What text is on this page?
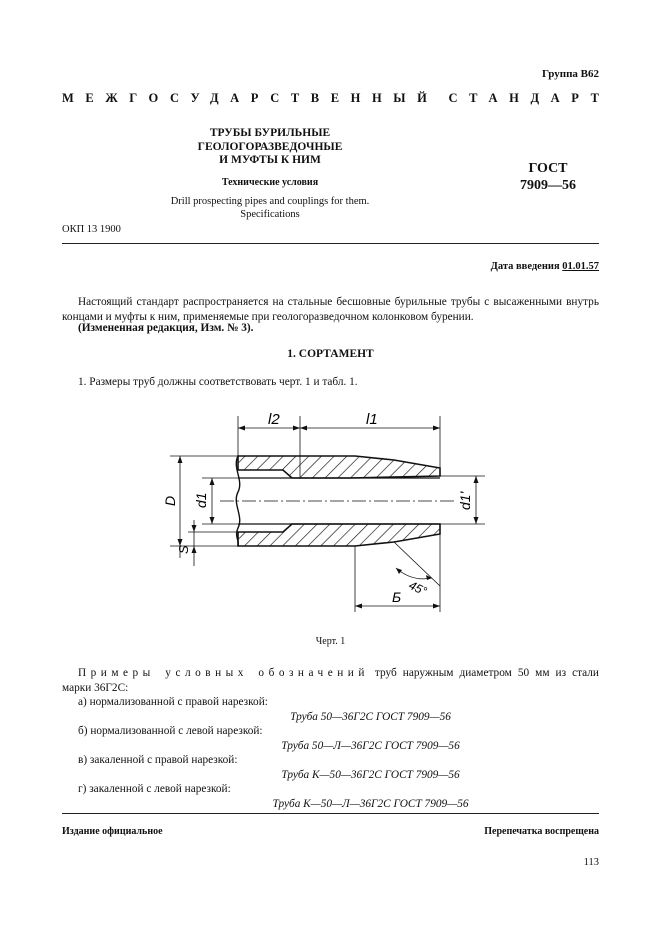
Группа В62
МЕЖГОСУДАРСТВЕННЫЙ СТАНДАРТ
ТРУБЫ БУРИЛЬНЫЕ
ГЕОЛОГОРАЗВЕДОЧНЫЕ
И МУФТЫ К НИМ
Технические условия
Drill prospecting pipes and couplings for them.
Specifications
ГОСТ
7909—56
ОКП 13 1900
Дата введения 01.01.57
Настоящий стандарт распространяется на стальные бесшовные бурильные трубы с высаженными внутрь концами и муфты к ним, применяемые при геологоразведочном колонковом бурении.
(Измененная редакция, Изм. № 3).
1. СОРТАМЕНТ
1. Размеры труб должны соответствовать черт. 1 и табл. 1.
l2	l1
D d1
S
d1'
Б 45°
Черт. 1
Примеры условных обозначений труб наружным диаметром 50 мм из стали марки 36Г2С:
а) нормализованной с правой нарезкой:
Труба 50—36Г2С ГОСТ 7909—56
б) нормализованной с левой нарезкой:
Труба 50—Л—36Г2С ГОСТ 7909—56
в) закаленной с правой нарезкой:
Труба К—50—36Г2С ГОСТ 7909—56
г) закаленной с левой нарезкой:
Труба К—50—Л—36Г2С ГОСТ 7909—56
Издание официальное	Перепечатка воспрещена
113
